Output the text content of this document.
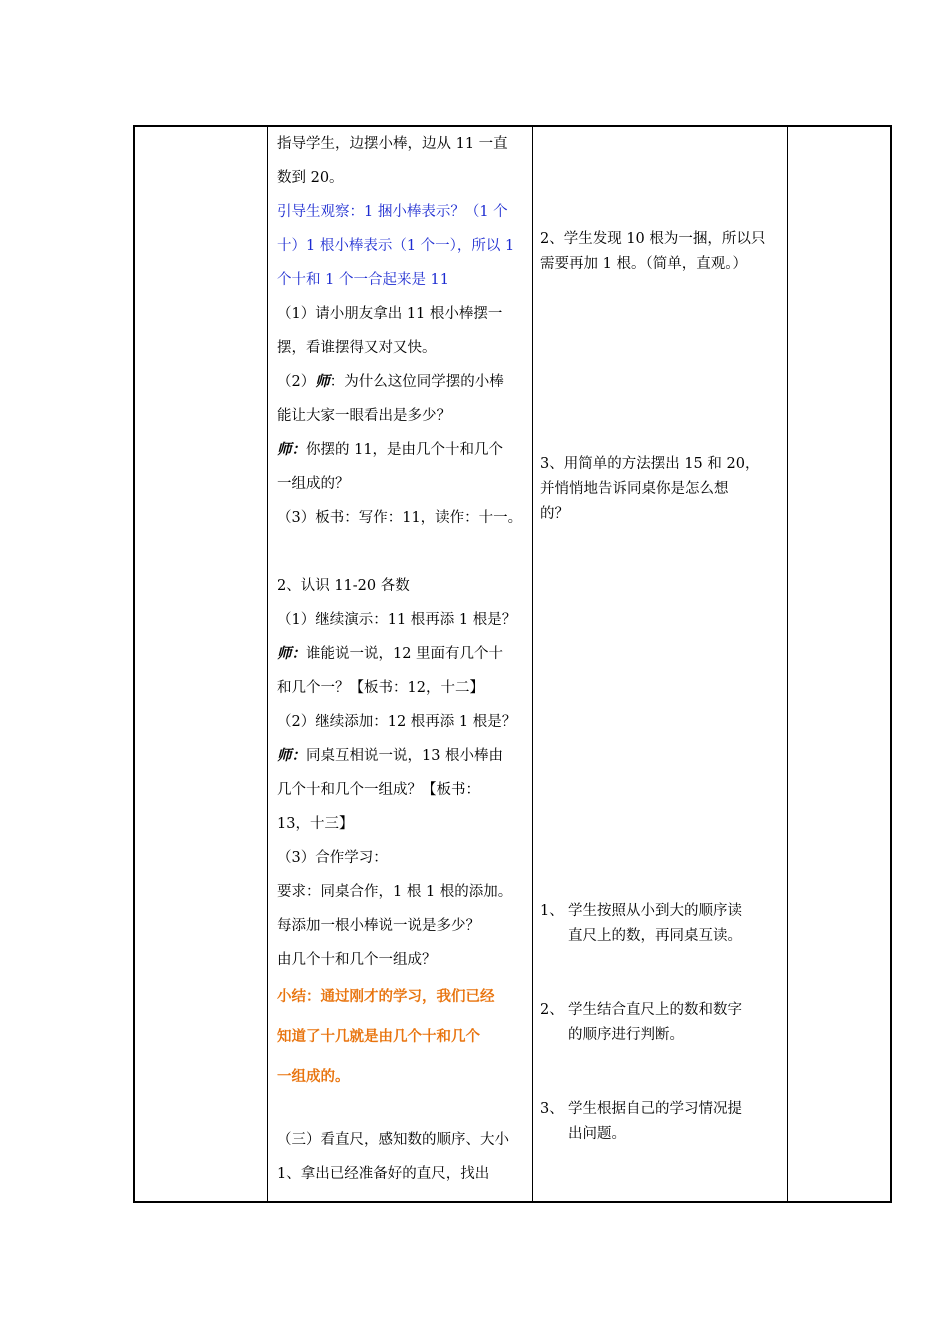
指导学生，边摆小棒，边从 11 一直
数到 20。
引导生观察：1 捆小棒表示？（1 个
十）1 根小棒表示（1 个一），所以 1
个十和 1 个一合起来是 11
（1）请小朋友拿出 11 根小棒摆一
摆，看谁摆得又对又快。
（2）师：为什么这位同学摆的小棒
能让大家一眼看出是多少？
师：你摆的 11，是由几个十和几个
一组成的？
（3）板书：写作：11，读作：十一。
2、认识 11-20 各数
（1）继续演示：11 根再添 1 根是？
师：谁能说一说，12 里面有几个十
和几个一？【板书：12，十二】
（2）继续添加：12 根再添 1 根是？
师：同桌互相说一说，13 根小棒由
几个十和几个一组成？【板书：
13，十三】
（3）合作学习：
要求：同桌合作，1 根 1 根的添加。
每添加一根小棒说一说是多少？
由几个十和几个一组成？
小结：通过刚才的学习，我们已经
知道了十几就是由几个十和几个
一组成的。
（三）看直尺，感知数的顺序、大小
1、拿出已经准备好的直尺，找出
2、学生发现 10 根为一捆，所以只
需要再加 1 根。（简单，直观。）
3、用简单的方法摆出 15 和 20，
并悄悄地告诉同桌你是怎么想
的？
1、 学生按照从小到大的顺序读
直尺上的数，再同桌互读。
2、 学生结合直尺上的数和数字
的顺序进行判断。
3、 学生根据自己的学习情况提
出问题。
